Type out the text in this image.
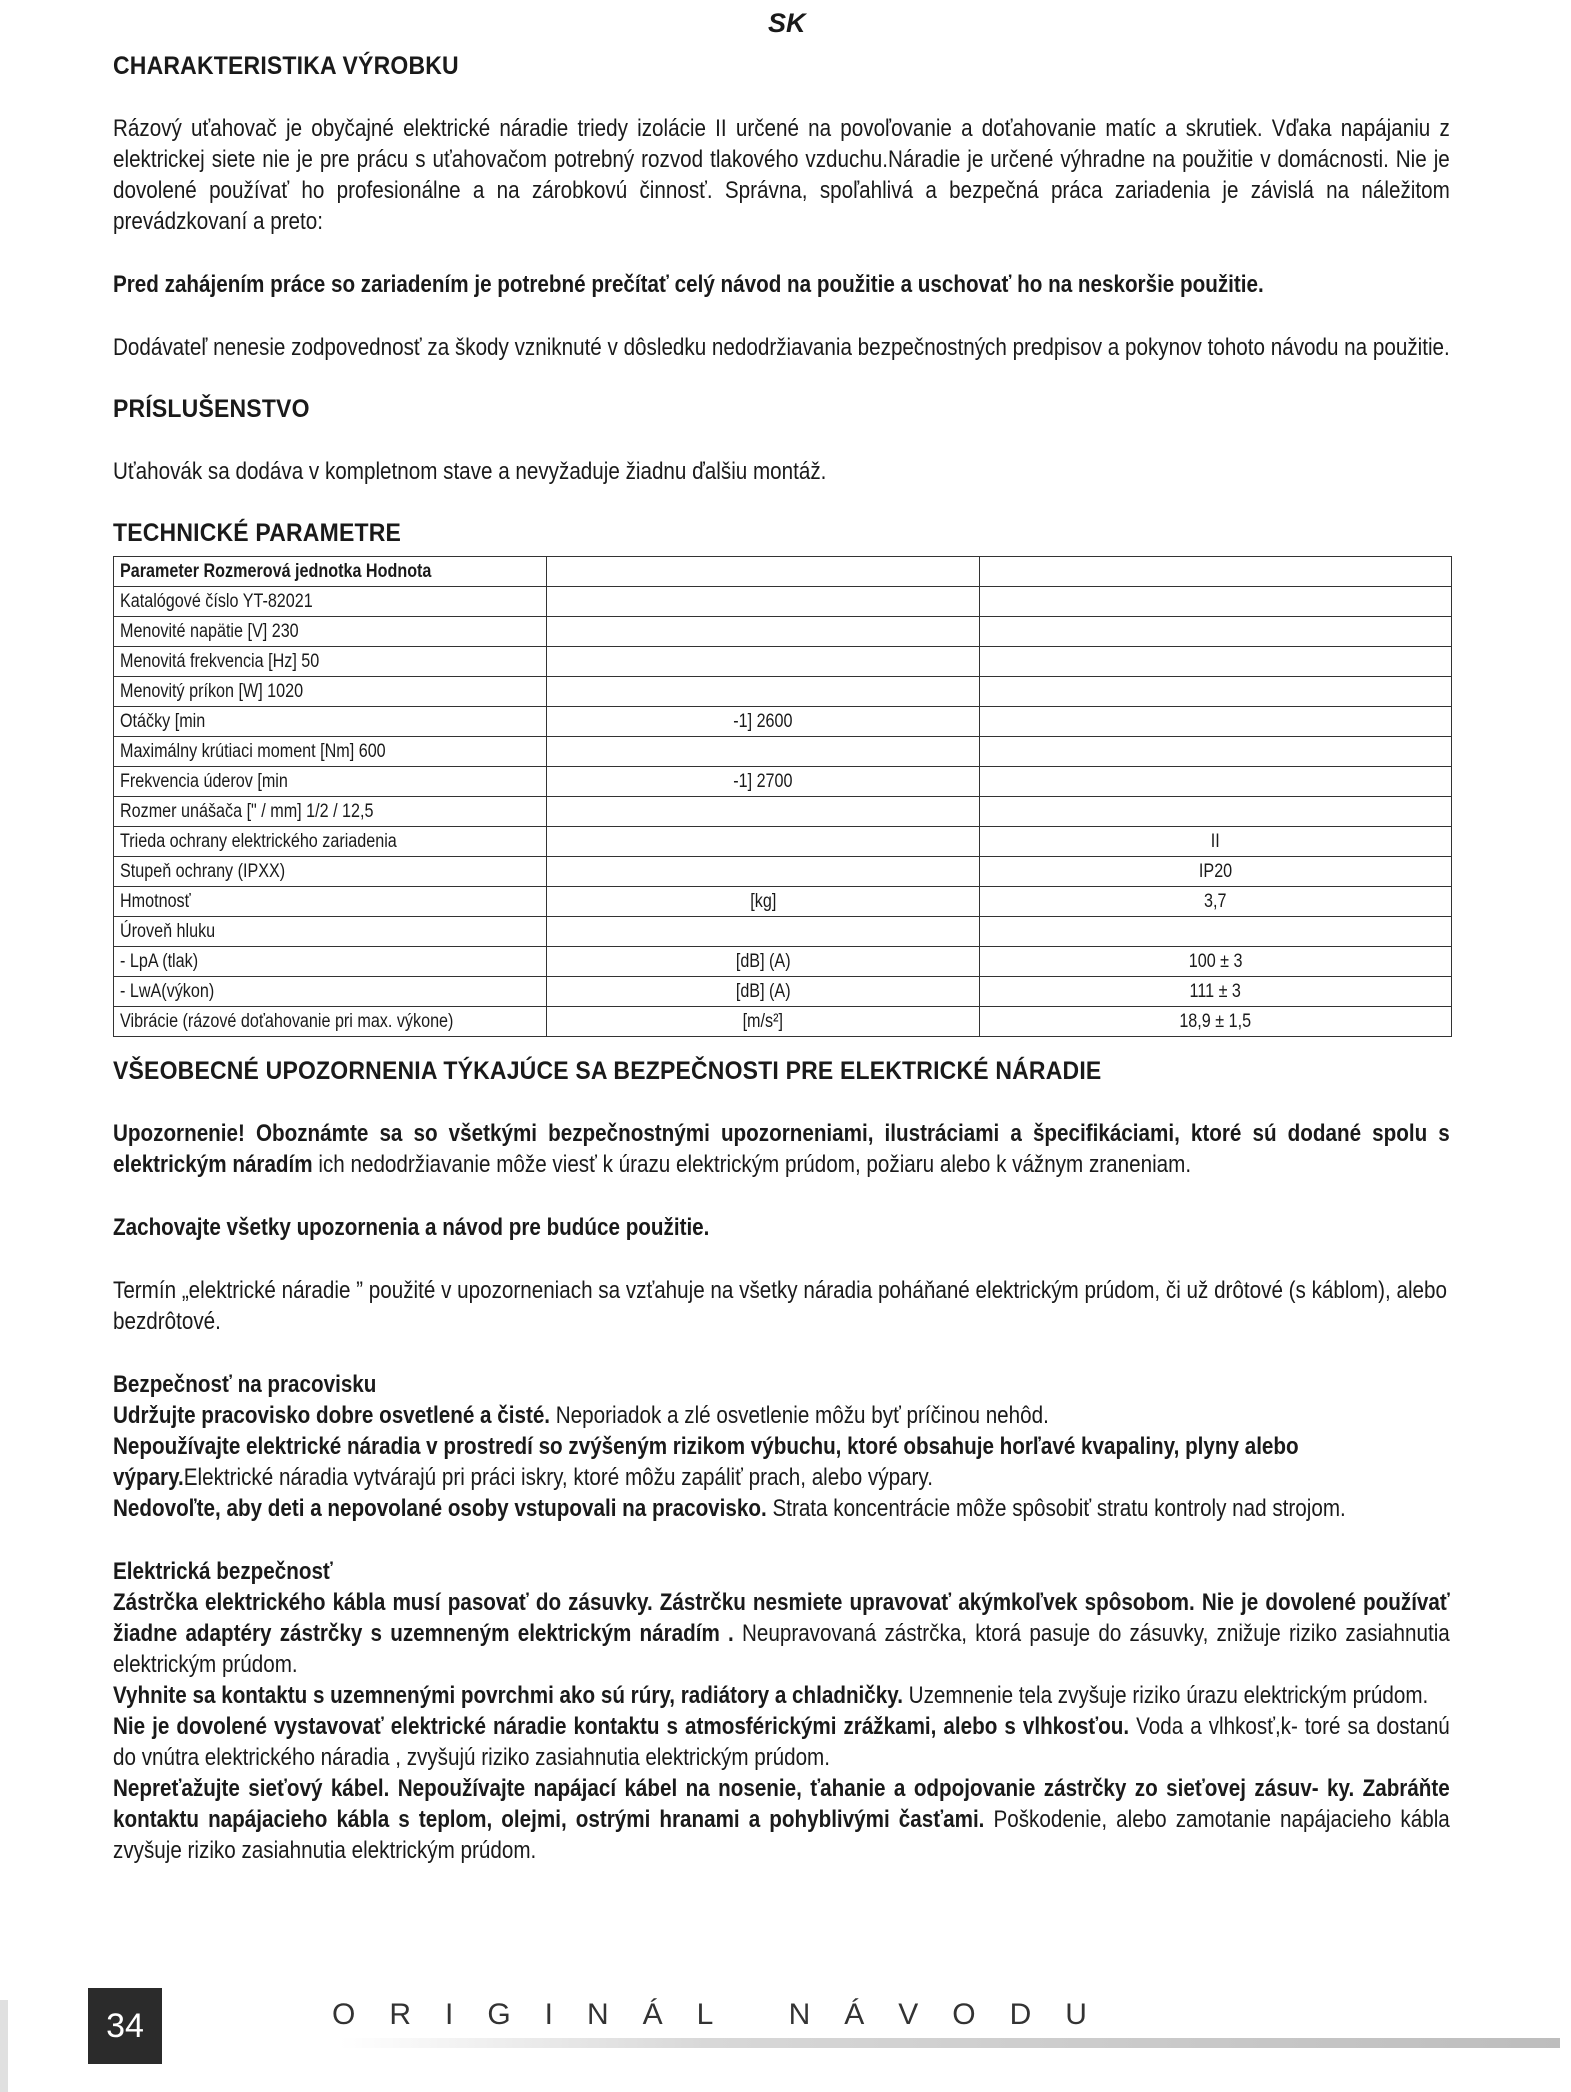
SK
CHARAKTERISTIKA VÝROBKU

Rázový uťahovač je obyčajné elektrické náradie triedy izolácie II určené na povoľovanie a doťahovanie matíc a skrutiek. Vďaka napájaniu z elektrickej siete nie je pre prácu s uťahovačom potrebný rozvod tlakového vzduchu.Náradie je určené výhradne na použitie v domácnosti. Nie je dovolené používať ho profesionálne a na zárobkovú činnosť. Správna, spoľahlivá a bezpečná práca zariadenia je závislá na náležitom prevádzkovaní a preto:

Pred zahájením práce so zariadením je potrebné prečítať celý návod na použitie a uschovať ho na neskoršie použitie.

Dodávateľ nenesie zodpovednosť za škody vzniknuté v dôsledku nedodržiavania bezpečnostných predpisov a pokynov tohoto návodu na použitie.

PRÍSLUŠENSTVO

Uťahovák sa dodáva v kompletnom stave a nevyžaduje žiadnu ďalšiu montáž.

TECHNICKÉ PARAMETRE
Parameter Rozmerová jednotka Hodnota		
Katalógové číslo YT-82021		
Menovité napätie [V] 230		
Menovitá frekvencia [Hz] 50		
Menovitý príkon [W] 1020		
Otáčky [min	-1] 2600	
Maximálny krútiaci moment [Nm] 600		
Frekvencia úderov [min	-1] 2700	
Rozmer unášača [" / mm] 1/2 / 12,5		
Trieda ochrany elektrického zariadenia		II
Stupeň ochrany (IPXX)		IP20
Hmotnosť	[kg]	3,7
Úroveň hluku		
- LpA (tlak)	[dB] (A)	100 ± 3
- LwA(výkon)	[dB] (A)	111 ± 3
Vibrácie (rázové doťahovanie pri max. výkone)	[m/s²]	18,9 ± 1,5
VŠEOBECNÉ UPOZORNENIA TÝKAJÚCE SA BEZPEČNOSTI PRE ELEKTRICKÉ NÁRADIE

Upozornenie! Oboznámte sa so všetkými bezpečnostnými upozorneniami, ilustráciami a špecifikáciami, ktoré sú dodané spolu s elektrickým náradím ich nedodržiavanie môže viesť k úrazu elektrickým prúdom, požiaru alebo k vážnym zraneniam.

Zachovajte všetky upozornenia a návod pre budúce použitie.

Termín „elektrické náradie ” použité v upozorneniach sa vzťahuje na všetky náradia poháňané elektrickým prúdom, či už drôtové (s káblom), alebo bezdrôtové.

Bezpečnosť na pracovisku

Udržujte pracovisko dobre osvetlené a čisté. Neporiadok a zlé osvetlenie môžu byť príčinou nehôd.

Nepoužívajte elektrické náradia v prostredí so zvýšeným rizikom výbuchu, ktoré obsahuje horľavé kvapaliny, plyny alebo výpary.Elektrické náradia vytvárajú pri práci iskry, ktoré môžu zapáliť prach, alebo výpary.

Nedovoľte, aby deti a nepovolané osoby vstupovali na pracovisko. Strata koncentrácie môže spôsobiť stratu kontroly nad strojom.

Elektrická bezpečnosť

Zástrčka elektrického kábla musí pasovať do zásuvky. Zástrčku nesmiete upravovať akýmkoľvek spôsobom. Nie je dovolené používať žiadne adaptéry zástrčky s uzemneným elektrickým náradím . Neupravovaná zástrčka, ktorá pasuje do zásuvky, znižuje riziko zasiahnutia elektrickým prúdom.

Vyhnite sa kontaktu s uzemnenými povrchmi ako sú rúry, radiátory a chladničky. Uzemnenie tela zvyšuje riziko úrazu elektrickým prúdom.

Nie je dovolené vystavovať elektrické náradie kontaktu s atmosférickými zrážkami, alebo s vlhkosťou. Voda a vlhkosť,k- toré sa dostanú do vnútra elektrického náradia , zvyšujú riziko zasiahnutia elektrickým prúdom.

Nepreťažujte sieťový kábel. Nepoužívajte napájací kábel na nosenie, ťahanie a odpojovanie zástrčky zo sieťovej zásuv- ky. Zabráňte kontaktu napájacieho kábla s teplom, olejmi, ostrými hranami a pohyblivými časťami. Poškodenie, alebo zamotanie napájacieho kábla zvyšuje riziko zasiahnutia elektrickým prúdom.

34	ORIGINÁL NÁVODU
